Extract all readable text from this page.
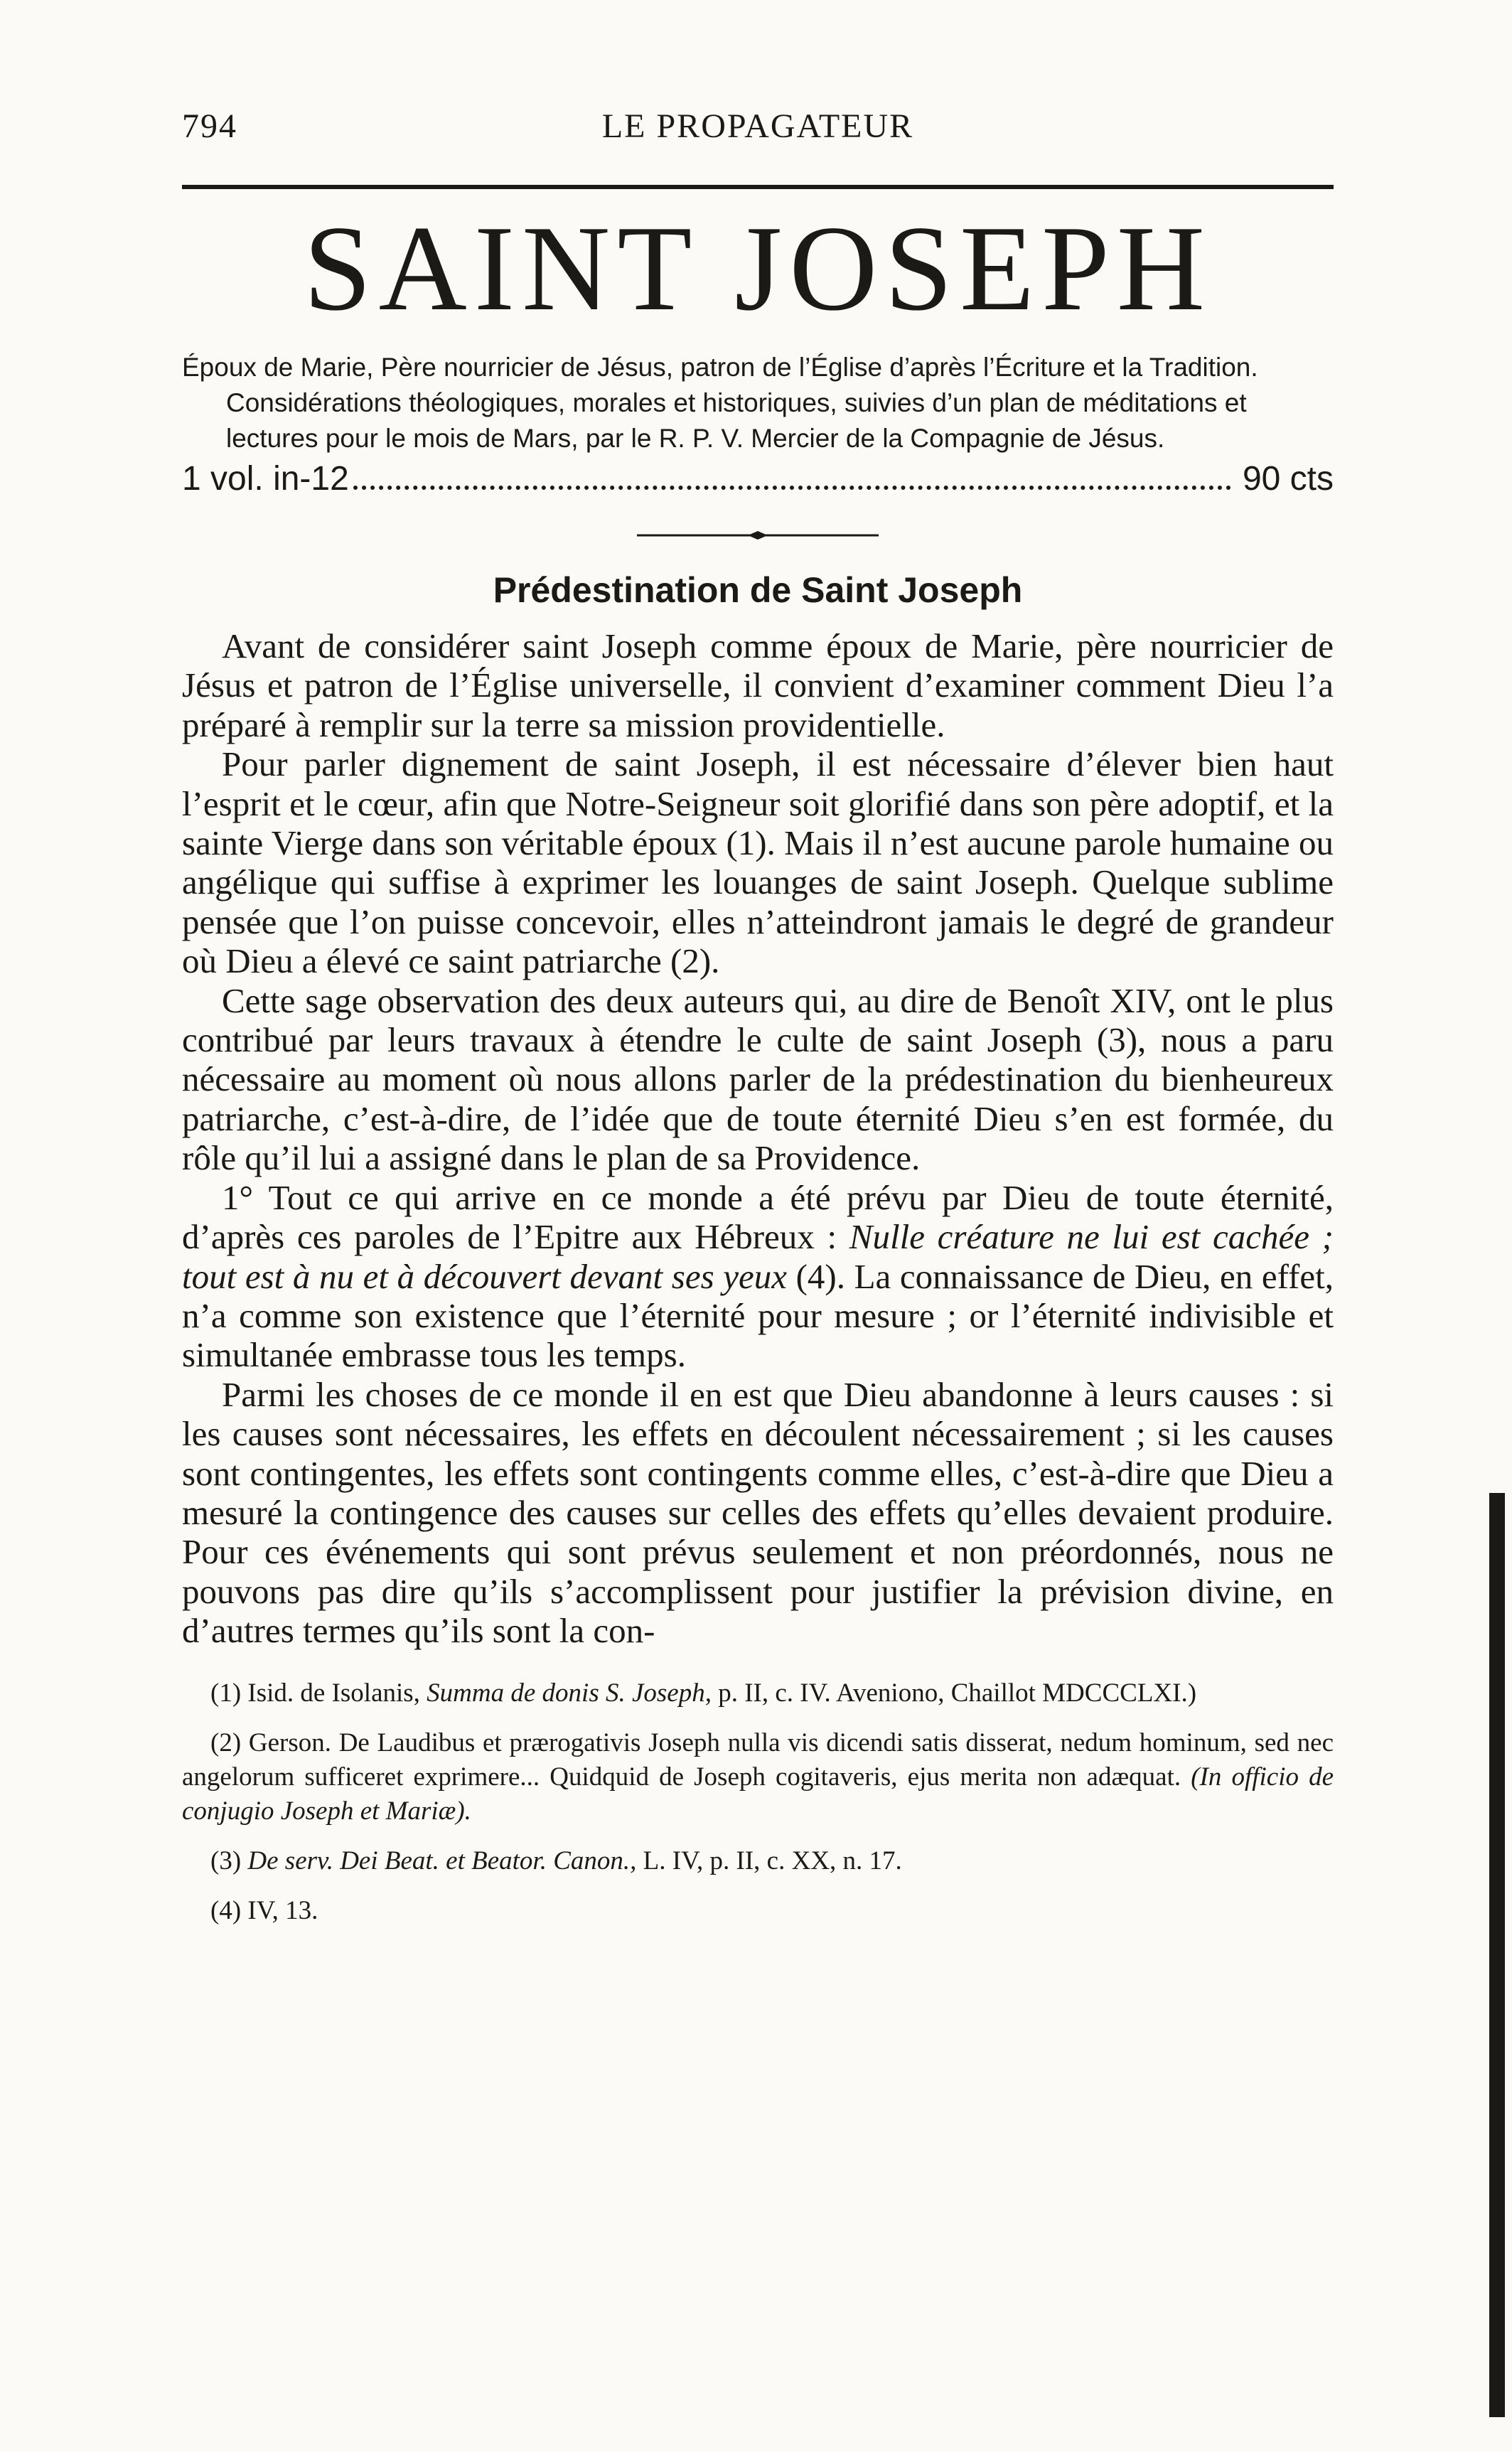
794	LE PROPAGATEUR
SAINT JOSEPH

Époux de Marie, Père nourricier de Jésus, patron de l’Église d’après l’Écriture et la Tradition. Considérations théologiques, morales et historiques, suivies d’un plan de méditations et lectures pour le mois de Mars, par le R. P. V. Mercier de la Compagnie de Jésus.

1 vol. in-12	90 cts
Prédestination de Saint Joseph

Avant de considérer saint Joseph comme époux de Marie, père nourricier de Jésus et patron de l’Église universelle, il convient d’examiner comment Dieu l’a préparé à remplir sur la terre sa mission providentielle.

Pour parler dignement de saint Joseph, il est nécessaire d’élever bien haut l’esprit et le cœur, afin que Notre-Seigneur soit glorifié dans son père adoptif, et la sainte Vierge dans son véritable époux (1). Mais il n’est aucune parole humaine ou angélique qui suffise à exprimer les louanges de saint Joseph. Quelque sublime pensée que l’on puisse concevoir, elles n’atteindront jamais le degré de grandeur où Dieu a élevé ce saint patriarche (2).

Cette sage observation des deux auteurs qui, au dire de Benoît XIV, ont le plus contribué par leurs travaux à étendre le culte de saint Joseph (3), nous a paru nécessaire au moment où nous allons parler de la prédestination du bienheureux patriarche, c’est-à-dire, de l’idée que de toute éternité Dieu s’en est formée, du rôle qu’il lui a assigné dans le plan de sa Providence.

1° Tout ce qui arrive en ce monde a été prévu par Dieu de toute éternité, d’après ces paroles de l’Epitre aux Hébreux : Nulle créature ne lui est cachée ; tout est à nu et à découvert devant ses yeux (4). La connaissance de Dieu, en effet, n’a comme son existence que l’éternité pour mesure ; or l’éternité indivisible et simultanée embrasse tous les temps.

Parmi les choses de ce monde il en est que Dieu abandonne à leurs causes : si les causes sont nécessaires, les effets en découlent nécessairement ; si les causes sont contingentes, les effets sont contingents comme elles, c’est-à-dire que Dieu a mesuré la contingence des causes sur celles des effets qu’elles devaient produire. Pour ces événements qui sont prévus seulement et non préordonnés, nous ne pouvons pas dire qu’ils s’accomplissent pour justifier la prévision divine, en d’autres termes qu’ils sont la con-

(1) Isid. de Isolanis, Summa de donis S. Joseph, p. II, c. IV. Aveniono, Chaillot MDCCCLXI.)

(2) Gerson. De Laudibus et prærogativis Joseph nulla vis dicendi satis disserat, nedum hominum, sed nec angelorum sufficeret exprimere... Quidquid de Joseph cogitaveris, ejus merita non adæquat. (In officio de conjugio Joseph et Mariæ).

(3) De serv. Dei Beat. et Beator. Canon., L. IV, p. II, c. XX, n. 17.

(4) IV, 13.
